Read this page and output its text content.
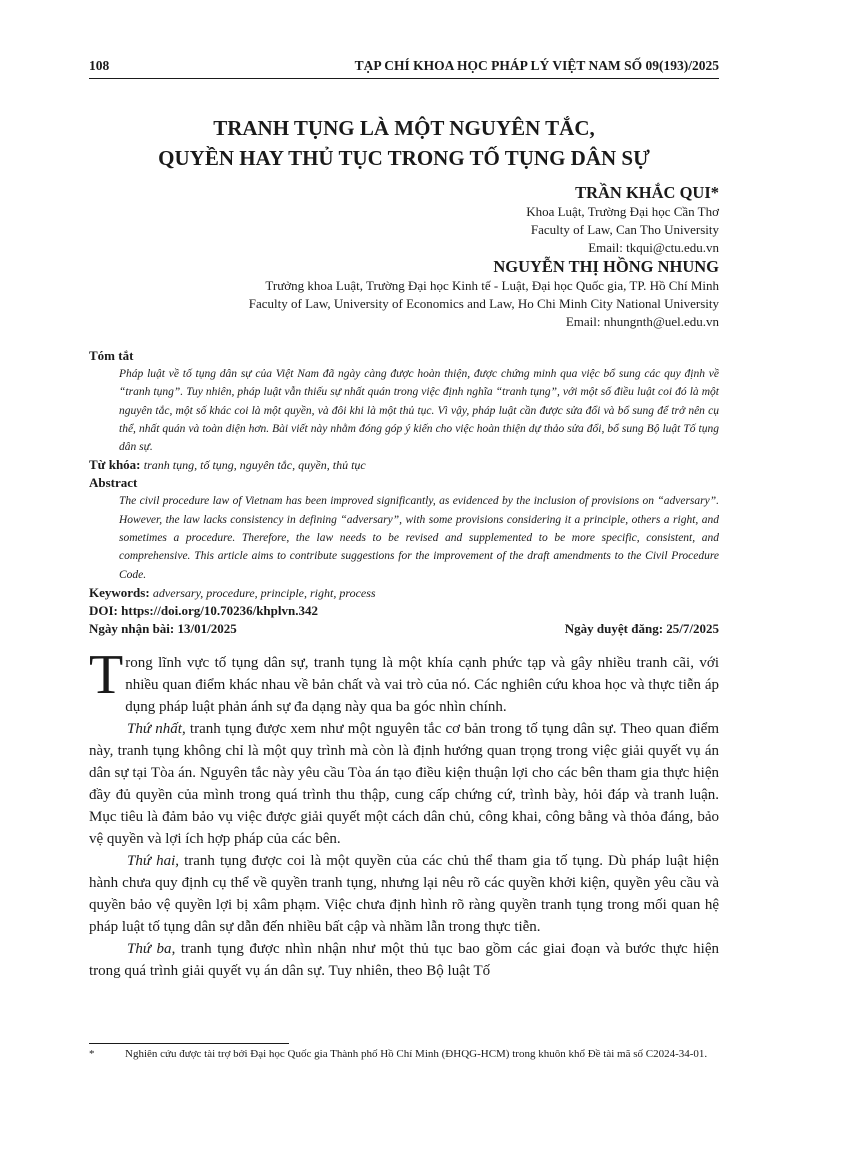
108	TẠP CHÍ KHOA HỌC PHÁP LÝ VIỆT NAM SỐ 09(193)/2025
TRANH TỤNG LÀ MỘT NGUYÊN TẮC,
QUYỀN HAY THỦ TỤC TRONG TỐ TỤNG DÂN SỰ
TRẦN KHẮC QUI*
Khoa Luật, Trường Đại học Cần Thơ
Faculty of Law, Can Tho University
Email: tkqui@ctu.edu.vn
NGUYỄN THỊ HỒNG NHUNG
Trưởng khoa Luật, Trường Đại học Kinh tế - Luật, Đại học Quốc gia, TP. Hồ Chí Minh
Faculty of Law, University of Economics and Law, Ho Chi Minh City National University
Email: nhungnth@uel.edu.vn
Tóm tắt
Pháp luật về tố tụng dân sự của Việt Nam đã ngày càng được hoàn thiện, được chứng minh qua việc bổ sung các quy định về “tranh tụng”. Tuy nhiên, pháp luật vẫn thiếu sự nhất quán trong việc định nghĩa “tranh tụng”, với một số điều luật coi đó là một nguyên tắc, một số khác coi là một quyền, và đôi khi là một thủ tục. Vì vậy, pháp luật cần được sửa đổi và bổ sung để trở nên cụ thể, nhất quán và toàn diện hơn. Bài viết này nhằm đóng góp ý kiến cho việc hoàn thiện dự thảo sửa đổi, bổ sung Bộ luật Tố tụng dân sự.
Từ khóa: tranh tụng, tố tụng, nguyên tắc, quyền, thủ tục
Abstract
The civil procedure law of Vietnam has been improved significantly, as evidenced by the inclusion of provisions on “adversary”. However, the law lacks consistency in defining “adversary”, with some provisions considering it a principle, others a right, and sometimes a procedure. Therefore, the law needs to be revised and supplemented to be more specific, consistent, and comprehensive. This article aims to contribute suggestions for the improvement of the draft amendments to the Civil Procedure Code.
Keywords: adversary, procedure, principle, right, process
DOI: https://doi.org/10.70236/khplvn.342
Ngày nhận bài: 13/01/2025	Ngày duyệt đăng: 25/7/2025

Trong lĩnh vực tố tụng dân sự, tranh tụng là một khía cạnh phức tạp và gây nhiều tranh cãi, với nhiều quan điểm khác nhau về bản chất và vai trò của nó. Các nghiên cứu khoa học và thực tiễn áp dụng pháp luật phản ánh sự đa dạng này qua ba góc nhìn chính.

Thứ nhất, tranh tụng được xem như một nguyên tắc cơ bản trong tố tụng dân sự. Theo quan điểm này, tranh tụng không chỉ là một quy trình mà còn là định hướng quan trọng trong việc giải quyết vụ án dân sự tại Tòa án. Nguyên tắc này yêu cầu Tòa án tạo điều kiện thuận lợi cho các bên tham gia thực hiện đầy đủ quyền của mình trong quá trình thu thập, cung cấp chứng cứ, trình bày, hỏi đáp và tranh luận. Mục tiêu là đảm bảo vụ việc được giải quyết một cách dân chủ, công khai, công bằng và thỏa đáng, bảo vệ quyền và lợi ích hợp pháp của các bên.

Thứ hai, tranh tụng được coi là một quyền của các chủ thể tham gia tố tụng. Dù pháp luật hiện hành chưa quy định cụ thể về quyền tranh tụng, nhưng lại nêu rõ các quyền khởi kiện, quyền yêu cầu và quyền bảo vệ quyền lợi bị xâm phạm. Việc chưa định hình rõ ràng quyền tranh tụng trong mối quan hệ pháp luật tố tụng dân sự dẫn đến nhiều bất cập và nhầm lẫn trong thực tiễn.

Thứ ba, tranh tụng được nhìn nhận như một thủ tục bao gồm các giai đoạn và bước thực hiện trong quá trình giải quyết vụ án dân sự. Tuy nhiên, theo Bộ luật Tố

*	Nghiên cứu được tài trợ bởi Đại học Quốc gia Thành phố Hồ Chí Minh (ĐHQG-HCM) trong khuôn khổ Đề tài mã số C2024-34-01.
